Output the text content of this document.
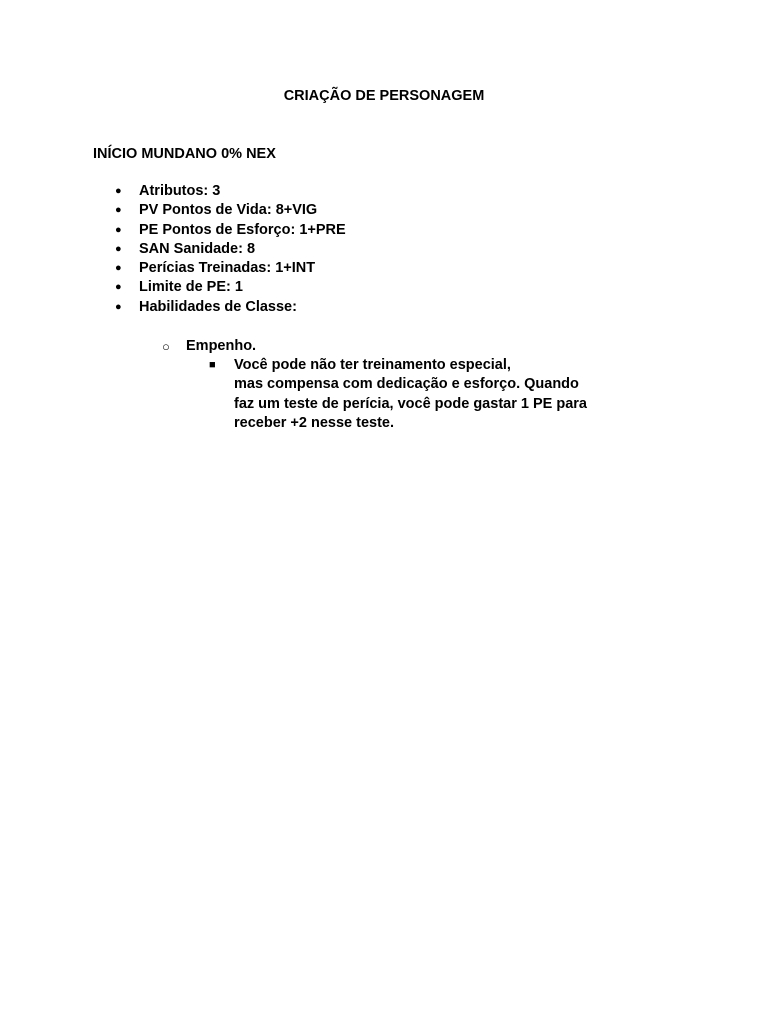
CRIAÇÃO DE PERSONAGEM
INÍCIO MUNDANO 0% NEX
● Atributos: 3
● PV Pontos de Vida: 8+VIG
● PE Pontos de Esforço: 1+PRE
● SAN Sanidade: 8
● Perícias Treinadas: 1+INT
● Limite de PE: 1
● Habilidades de Classe:
○ Empenho.
■ Você pode não ter treinamento especial,
mas compensa com dedicação e esforço. Quando
faz um teste de perícia, você pode gastar 1 PE para
receber +2 nesse teste.
